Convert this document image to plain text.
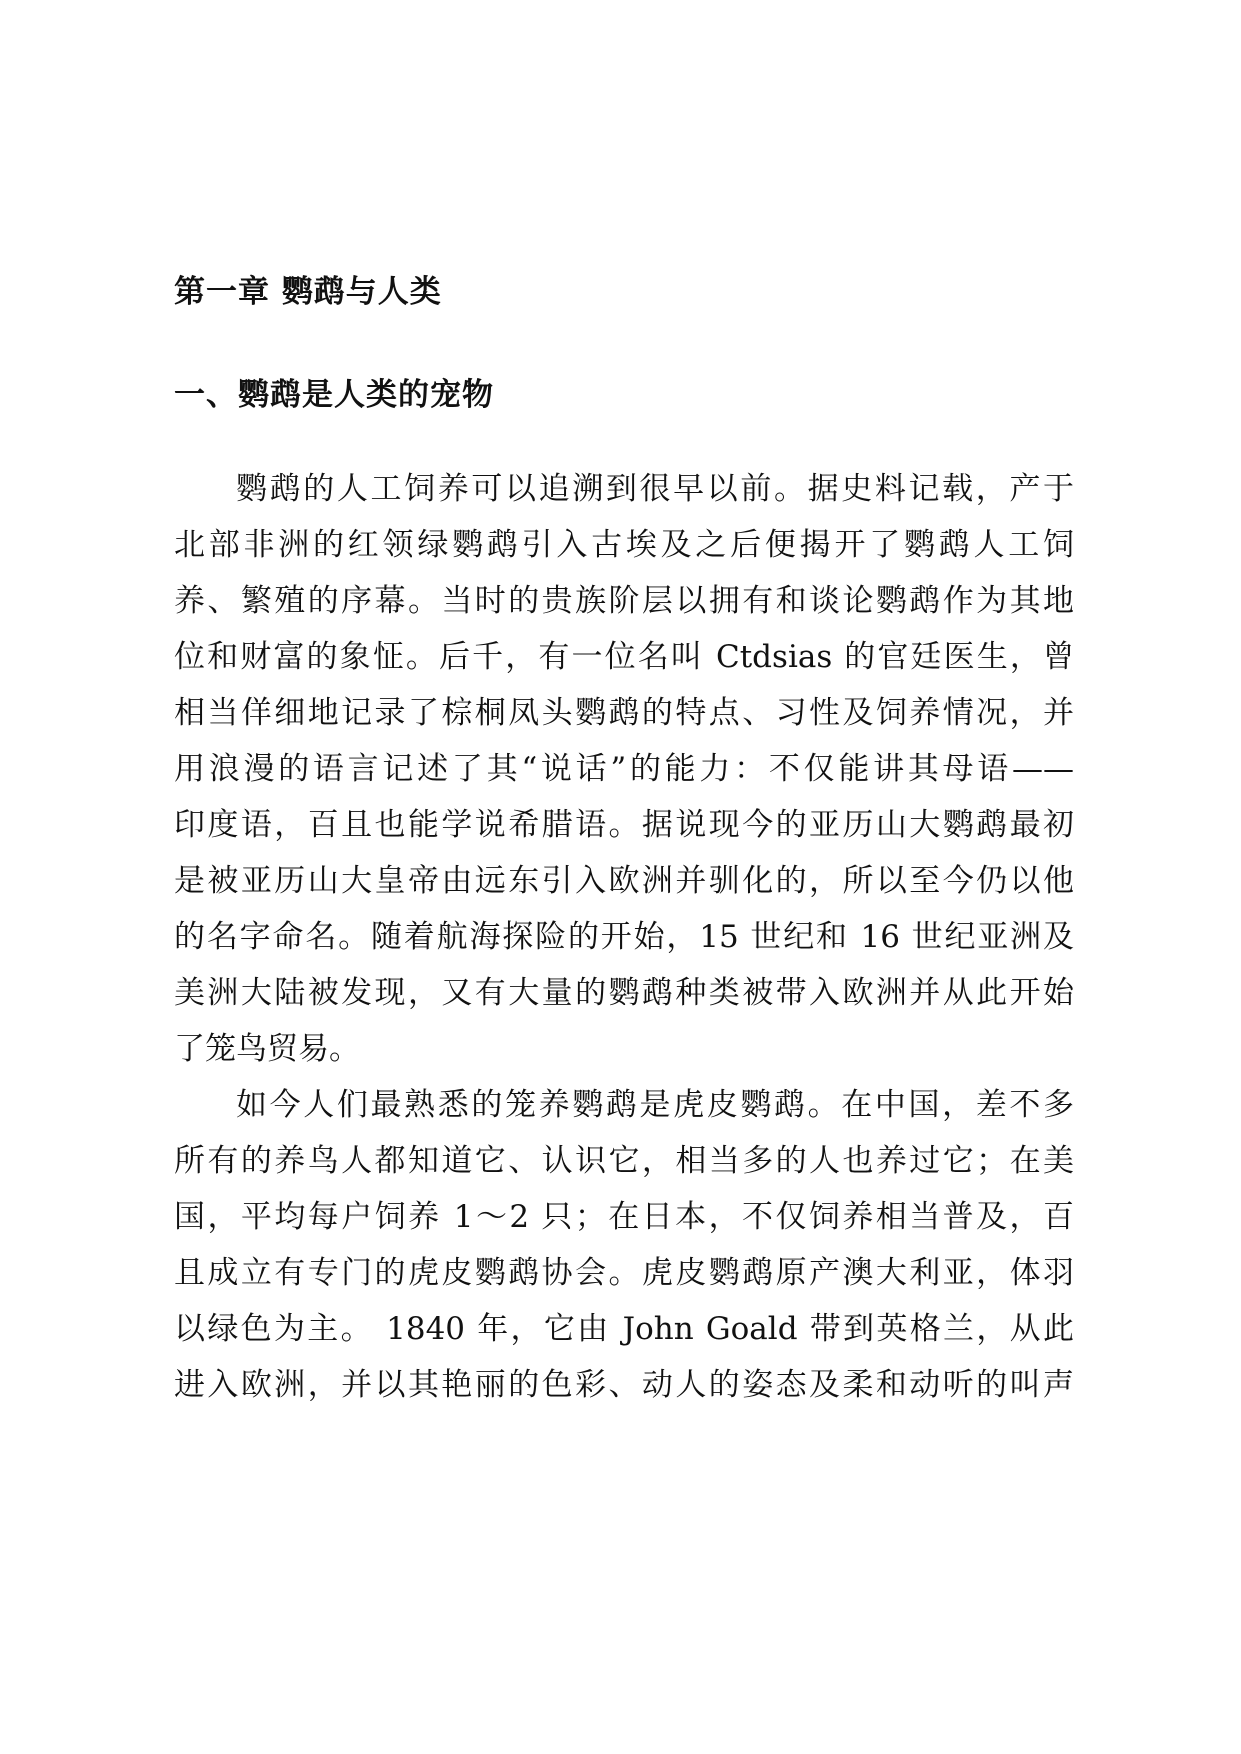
第一章 鹦鹉与人类
一、鹦鹉是人类的宠物
鹦鹉的人工饲养可以追溯到很早以前。据史料记载，产于
北部非洲的红领绿鹦鹉引入古埃及之后便揭开了鹦鹉人工饲
养、繁殖的序幕。当时的贵族阶层以拥有和谈论鹦鹉作为其地
位和财富的象怔。后千，有一位名叫 Ctdsias 的官廷医生，曾
相当佯细地记录了棕桐凤头鹦鹉的特点、习性及饲养情况，并
用浪漫的语言记述了其“说话”的能力：不仅能讲其母语——
印度语，百且也能学说希腊语。据说现今的亚历山大鹦鹉最初
是被亚历山大皇帝由远东引入欧洲并驯化的，所以至今仍以他
的名字命名。随着航海探险的开始，15 世纪和 16 世纪亚洲及
美洲大陆被发现，又有大量的鹦鹉种类被带入欧洲并从此开始
了笼鸟贸易。
如今人们最熟悉的笼养鹦鹉是虎皮鹦鹉。在中国，差不多
所有的养鸟人都知道它、认识它，相当多的人也养过它；在美
国，平均每户饲养 1～2 只；在日本，不仅饲养相当普及，百
且成立有专门的虎皮鹦鹉协会。虎皮鹦鹉原产澳大利亚，体羽
以绿色为主。 1840 年，它由 John Goald 带到英格兰，从此
进入欧洲，并以其艳丽的色彩、动人的姿态及柔和动听的叫声
